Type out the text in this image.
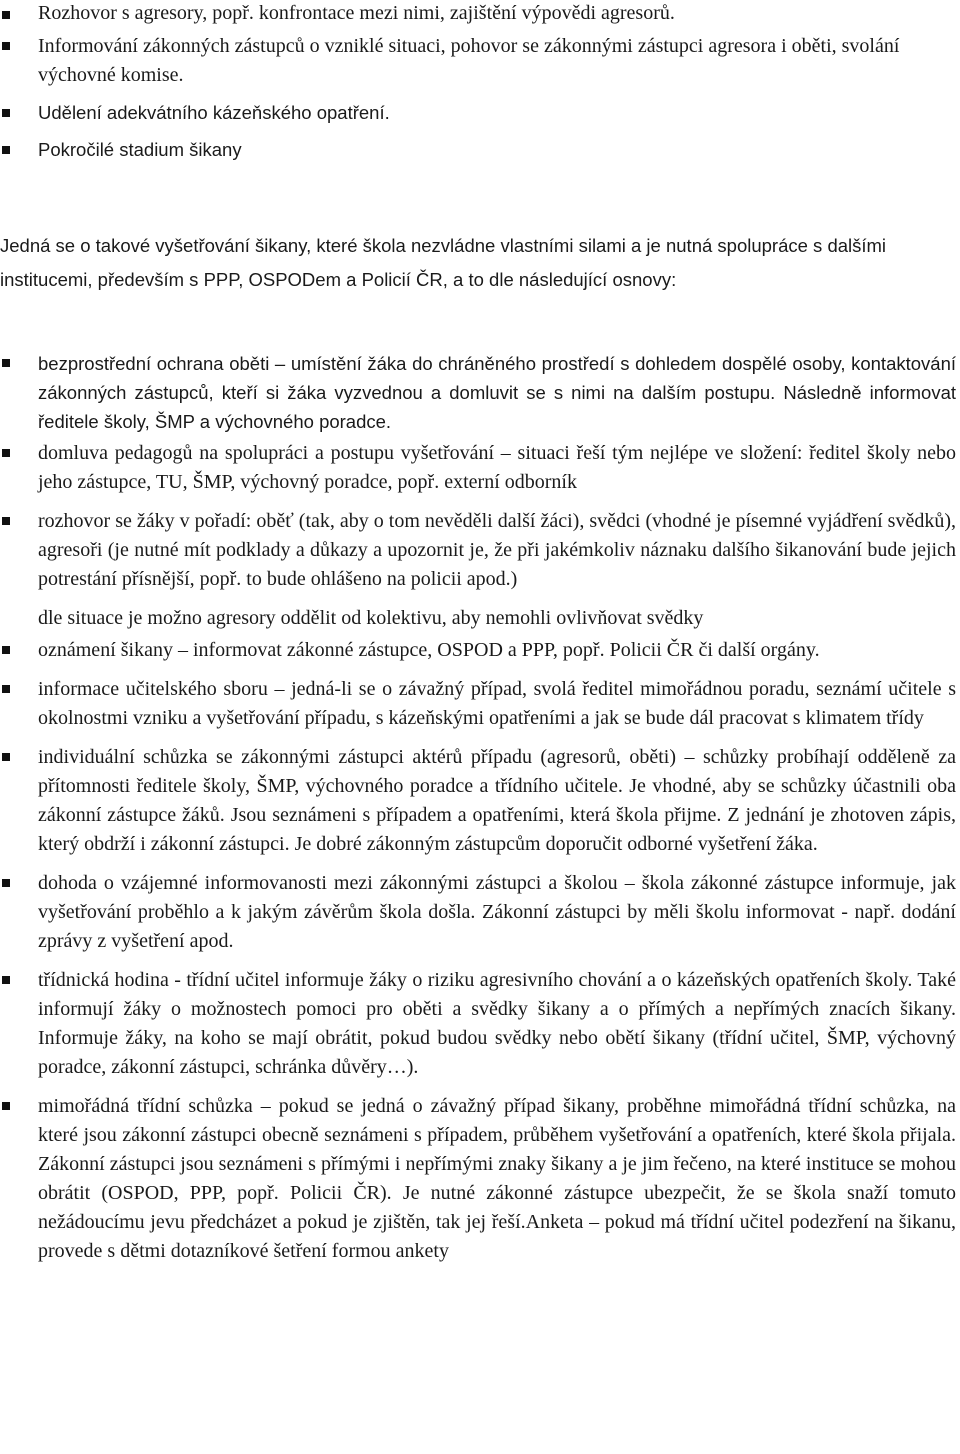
Rozhovor s agresory, popř. konfrontace mezi nimi, zajištění výpovědi agresorů.
Informování zákonných zástupců o vzniklé situaci, pohovor se zákonnými zástupci agresora i oběti, svolání výchovné komise.
Udělení adekvátního kázeňského opatření.
Pokročilé stadium šikany

Jedná se o takové vyšetřování šikany, které škola nezvládne vlastními silami a je nutná spolupráce s dalšími institucemi, především s PPP, OSPODem a Policií ČR, a to dle následující osnovy:

bezprostřední ochrana oběti – umístění žáka do chráněného prostředí s dohledem dospělé osoby, kontaktování zákonných zástupců, kteří si žáka vyzvednou a domluvit se s nimi na dalším postupu. Následně informovat ředitele školy, ŠMP a výchovného poradce.
domluva pedagogů na spolupráci a postupu vyšetřování – situaci řeší tým nejlépe ve složení: ředitel školy nebo jeho zástupce, TU, ŠMP, výchovný poradce, popř. externí odborník
rozhovor se žáky v pořadí: oběť (tak, aby o tom nevěděli další žáci), svědci (vhodné je písemné vyjádření svědků), agresoři (je nutné mít podklady a důkazy a upozornit je, že při jakémkoliv náznaku dalšího šikanování bude jejich potrestání přísnější, popř. to bude ohlášeno na policii apod.)
dle situace je možno agresory oddělit od kolektivu, aby nemohli ovlivňovat svědky
oznámení šikany – informovat zákonné zástupce, OSPOD a PPP, popř. Policii ČR či další orgány.
informace učitelského sboru – jedná-li se o závažný případ, svolá ředitel mimořádnou poradu, seznámí učitele s okolnostmi vzniku a vyšetřování případu, s kázeňskými opatřeními a jak se bude dál pracovat s klimatem třídy
individuální schůzka se zákonnými zástupci aktérů případu (agresorů, oběti) – schůzky probíhají odděleně za přítomnosti ředitele školy, ŠMP, výchovného poradce a třídního učitele. Je vhodné, aby se schůzky účastnili oba zákonní zástupce žáků. Jsou seznámeni s případem a opatřeními, která škola přijme. Z jednání je zhotoven zápis, který obdrží i zákonní zástupci. Je dobré zákonným zástupcům doporučit odborné vyšetření žáka.
dohoda o vzájemné informovanosti mezi zákonnými zástupci a školou – škola zákonné zástupce informuje, jak vyšetřování proběhlo a k jakým závěrům škola došla. Zákonní zástupci by měli školu informovat - např. dodání zprávy z vyšetření apod.
třídnická hodina - třídní učitel informuje žáky o riziku agresivního chování a o kázeňských opatřeních školy. Také informují žáky o možnostech pomoci pro oběti a svědky šikany a o přímých a nepřímých znacích šikany. Informuje žáky, na koho se mají obrátit, pokud budou svědky nebo obětí šikany (třídní učitel, ŠMP, výchovný poradce, zákonní zástupci, schránka důvěry…).
mimořádná třídní schůzka – pokud se jedná o závažný případ šikany, proběhne mimořádná třídní schůzka, na které jsou zákonní zástupci obecně seznámeni s případem, průběhem vyšetřování a opatřeních, které škola přijala. Zákonní zástupci jsou seznámeni s přímými i nepřímými znaky šikany a je jim řečeno, na které instituce se mohou obrátit (OSPOD, PPP, popř. Policii ČR). Je nutné zákonné zástupce ubezpečit, že se škola snaží tomuto nežádoucímu jevu předcházet a pokud je zjištěn, tak jej řeší.Anketa – pokud má třídní učitel podezření na šikanu, provede s dětmi dotazníkové šetření formou ankety
